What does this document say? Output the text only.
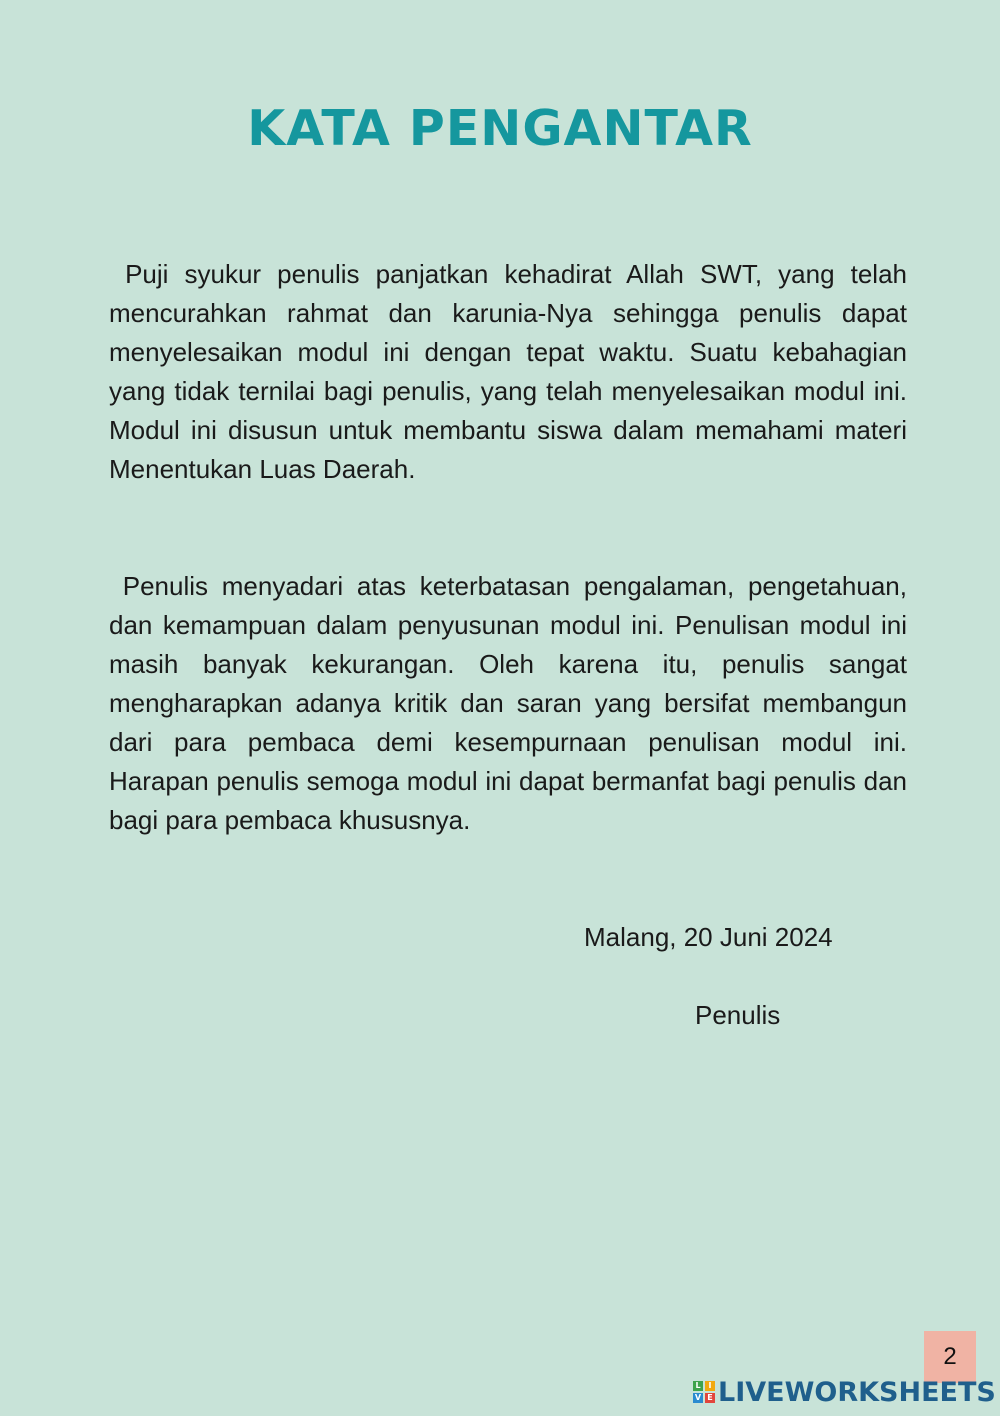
KATA PENGANTAR

Puji syukur penulis panjatkan kehadirat Allah SWT, yang telah mencurahkan rahmat dan karunia-Nya sehingga penulis dapat menyelesaikan modul ini dengan tepat waktu. Suatu kebahagian yang tidak ternilai bagi penulis, yang telah menyelesaikan modul ini. Modul ini disusun untuk membantu siswa dalam memahami materi Menentukan Luas Daerah.

Penulis menyadari atas keterbatasan pengalaman, pengetahuan, dan kemampuan dalam penyusunan modul ini. Penulisan modul ini masih banyak kekurangan. Oleh karena itu, penulis sangat mengharapkan adanya kritik dan saran yang bersifat membangun dari para pembaca demi kesempurnaan penulisan modul ini. Harapan penulis semoga modul ini dapat bermanfat bagi penulis dan bagi para pembaca khususnya.

Malang, 20 Juni 2024

Penulis

2
L I
V E LIVEWORKSHEETS
